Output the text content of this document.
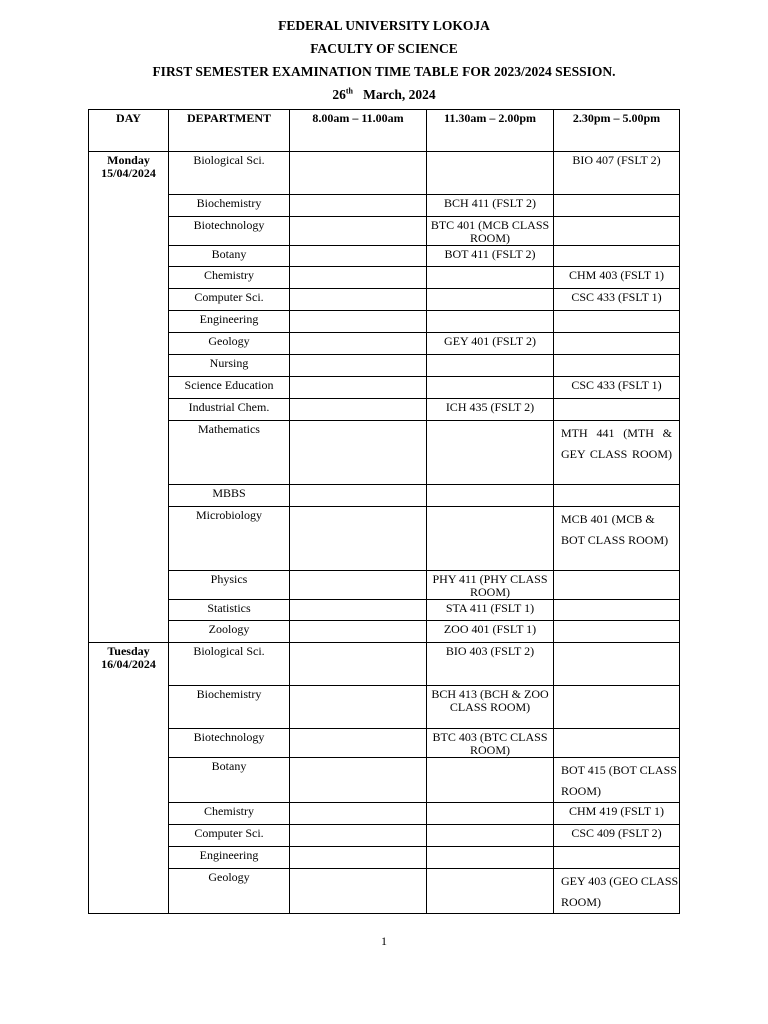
FEDERAL UNIVERSITY LOKOJA
FACULTY OF SCIENCE
FIRST SEMESTER EXAMINATION TIME TABLE FOR 2023/2024 SESSION.
26th   March, 2024
DAY	DEPARTMENT	8.00am – 11.00am	11.30am – 2.00pm	2.30pm – 5.00pm

Monday
15/04/2024	Biological Sci.			BIO 407 (FSLT 2)
	Biochemistry		BCH 411 (FSLT 2)	
	Biotechnology		BTC 401 (MCB CLASS ROOM)	
	Botany		BOT 411 (FSLT 2)	
	Chemistry			CHM 403 (FSLT 1)
	Computer Sci.			CSC 433 (FSLT 1)
	Engineering			
	Geology		GEY 401 (FSLT 2)	
	Nursing			
	Science Education			CSC 433 (FSLT 1)
	Industrial Chem.		ICH 435 (FSLT 2)	
	Mathematics			MTH 441 (MTH & GEY CLASS ROOM)
	MBBS			
	Microbiology			MCB 401 (MCB & BOT CLASS ROOM)
	Physics		PHY 411 (PHY CLASS ROOM)	
	Statistics		STA 411 (FSLT 1)	
	Zoology		ZOO 401 (FSLT 1)	

Tuesday
16/04/2024	Biological Sci.		BIO 403 (FSLT 2)	
	Biochemistry		BCH 413 (BCH & ZOO CLASS ROOM)	
	Biotechnology		BTC 403 (BTC CLASS ROOM)	
	Botany			BOT 415 (BOT CLASS ROOM)
	Chemistry			CHM 419 (FSLT 1)
	Computer Sci.			CSC 409 (FSLT 2)
	Engineering			
	Geology			GEY 403 (GEO CLASS ROOM)
1
